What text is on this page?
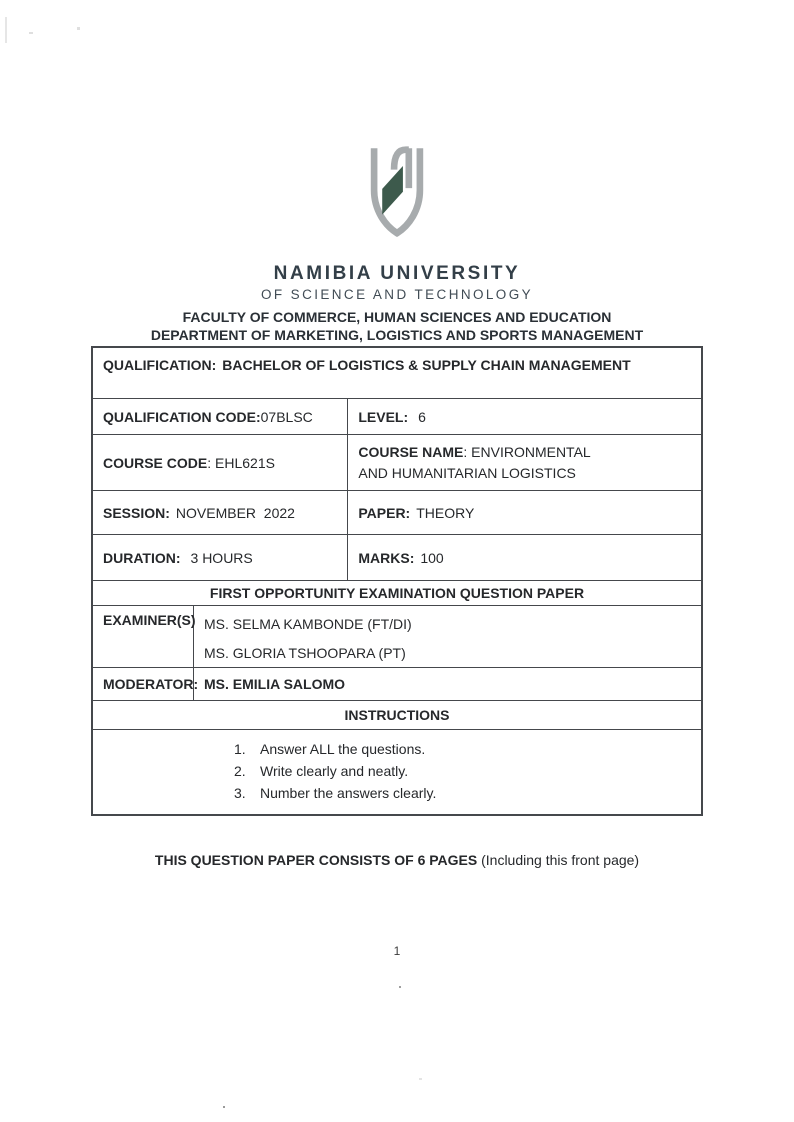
NAMIBIA UNIVERSITY
OF SCIENCE AND TECHNOLOGY
FACULTY OF COMMERCE, HUMAN SCIENCES AND EDUCATION
DEPARTMENT OF MARKETING, LOGISTICS AND SPORTS MANAGEMENT
QUALIFICATION: BACHELOR OF LOGISTICS & SUPPLY CHAIN MANAGEMENT
QUALIFICATION CODE:07BLSC	LEVEL: 6
COURSE CODE: EHL621S
COURSE NAME: ENVIRONMENTAL AND HUMANITARIAN LOGISTICS
SESSION: NOVEMBER  2022	PAPER: THEORY
DURATION: 3 HOURS	MARKS: 100
FIRST OPPORTUNITY EXAMINATION QUESTION PAPER
EXAMINER(S) MS. SELMA KAMBONDE (FT/DI)
MS. GLORIA TSHOOPARA (PT)
MODERATOR: MS. EMILIA SALOMO
INSTRUCTIONS
1.	Answer ALL the questions.
2.	Write clearly and neatly.
3.	Number the answers clearly.
THIS QUESTION PAPER CONSISTS OF 6 PAGES (Including this front page)
1
